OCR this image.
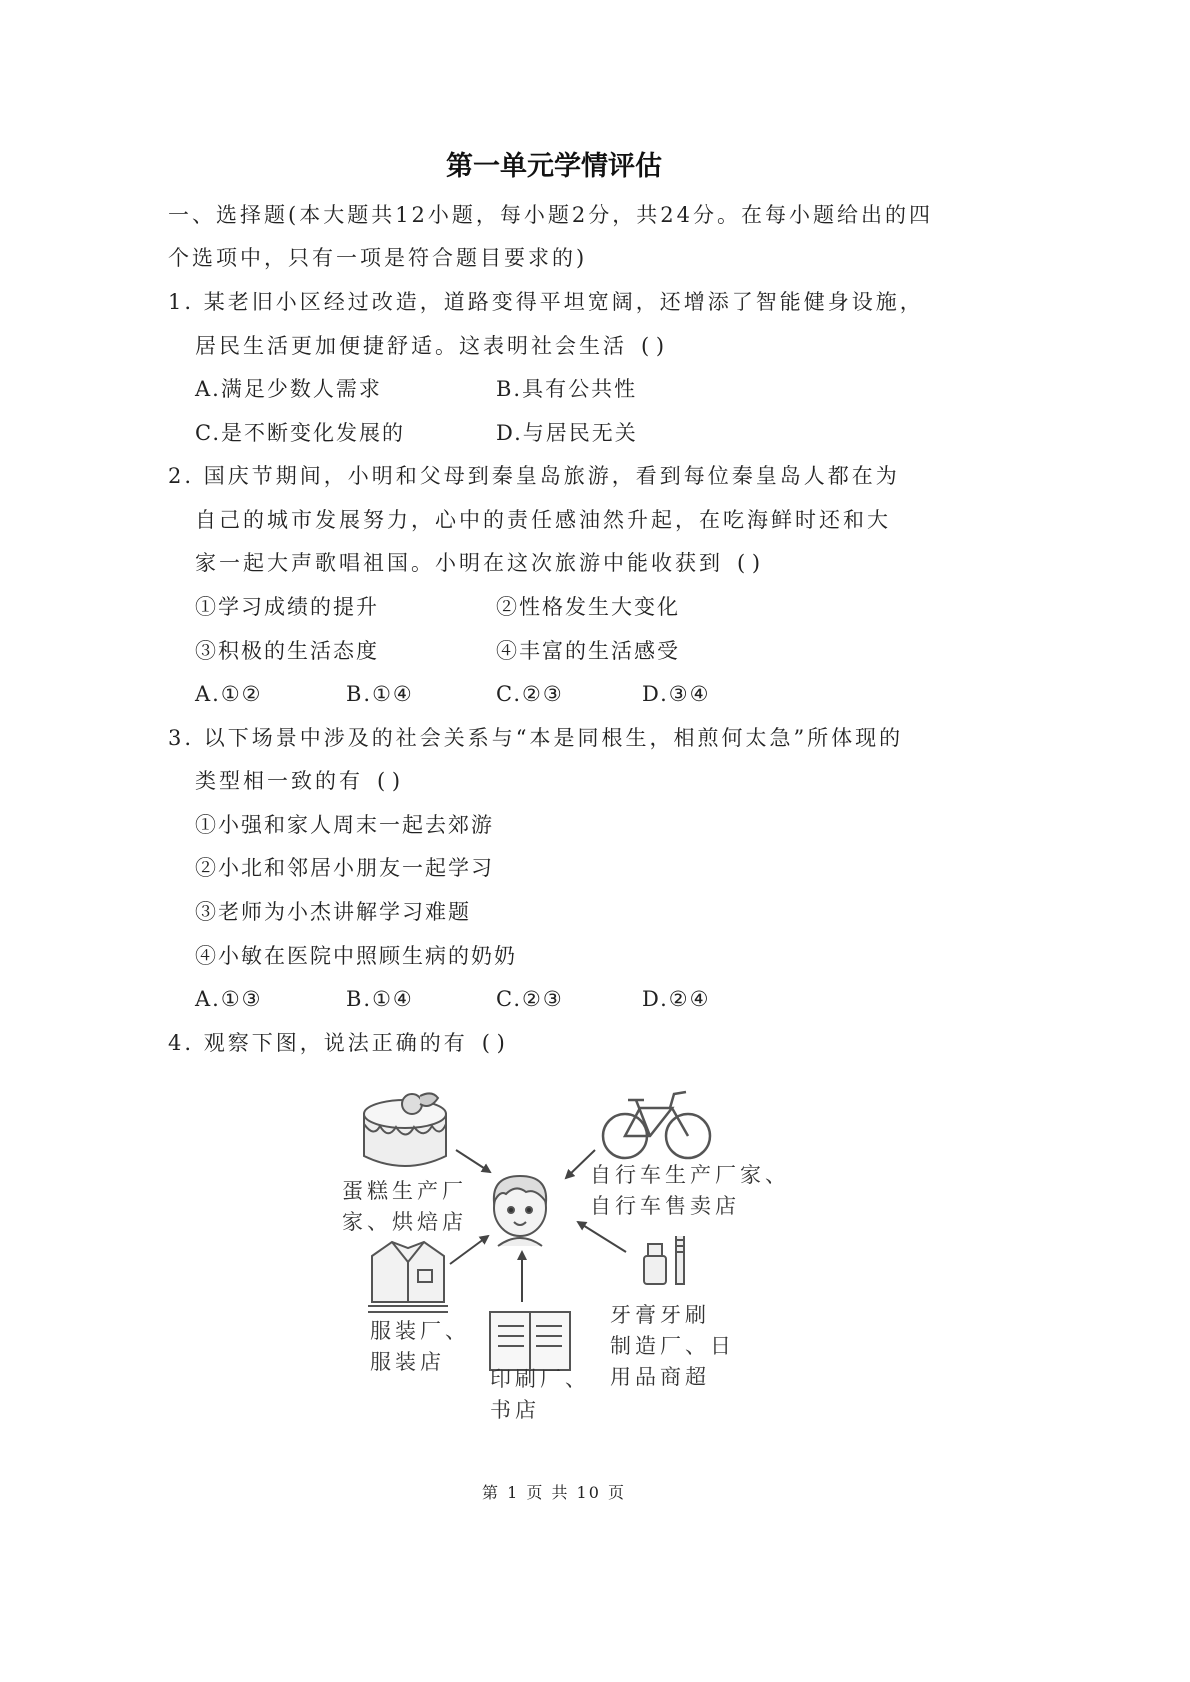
第一单元学情评估
一、选择题(本大题共12小题，每小题2分，共24分。在每小题给出的四
个选项中，只有一项是符合题目要求的)
1. 某老旧小区经过改造，道路变得平坦宽阔，还增添了智能健身设施，
居民生活更加便捷舒适。这表明社会生活 ( )
A.满足少数人需求	B.具有公共性
C.是不断变化发展的	D.与居民无关
2. 国庆节期间，小明和父母到秦皇岛旅游，看到每位秦皇岛人都在为
自己的城市发展努力，心中的责任感油然升起，在吃海鲜时还和大
家一起大声歌唱祖国。小明在这次旅游中能收获到 ( )
①学习成绩的提升	②性格发生大变化
③积极的生活态度	④丰富的生活感受
A.①②	B.①④	C.②③	D.③④
3. 以下场景中涉及的社会关系与“本是同根生，相煎何太急”所体现的
类型相一致的有 ( )
①小强和家人周末一起去郊游
②小北和邻居小朋友一起学习
③老师为小杰讲解学习难题
④小敏在医院中照顾生病的奶奶
A.①③	B.①④	C.②③	D.②④
4. 观察下图，说法正确的有 ( )
蛋糕生产厂
家、烘焙店
自行车生产厂家、
自行车售卖店
服装厂、
服装店
印刷厂、
书店
牙膏牙刷
制造厂、日
用品商超
第 1 页 共 10 页
